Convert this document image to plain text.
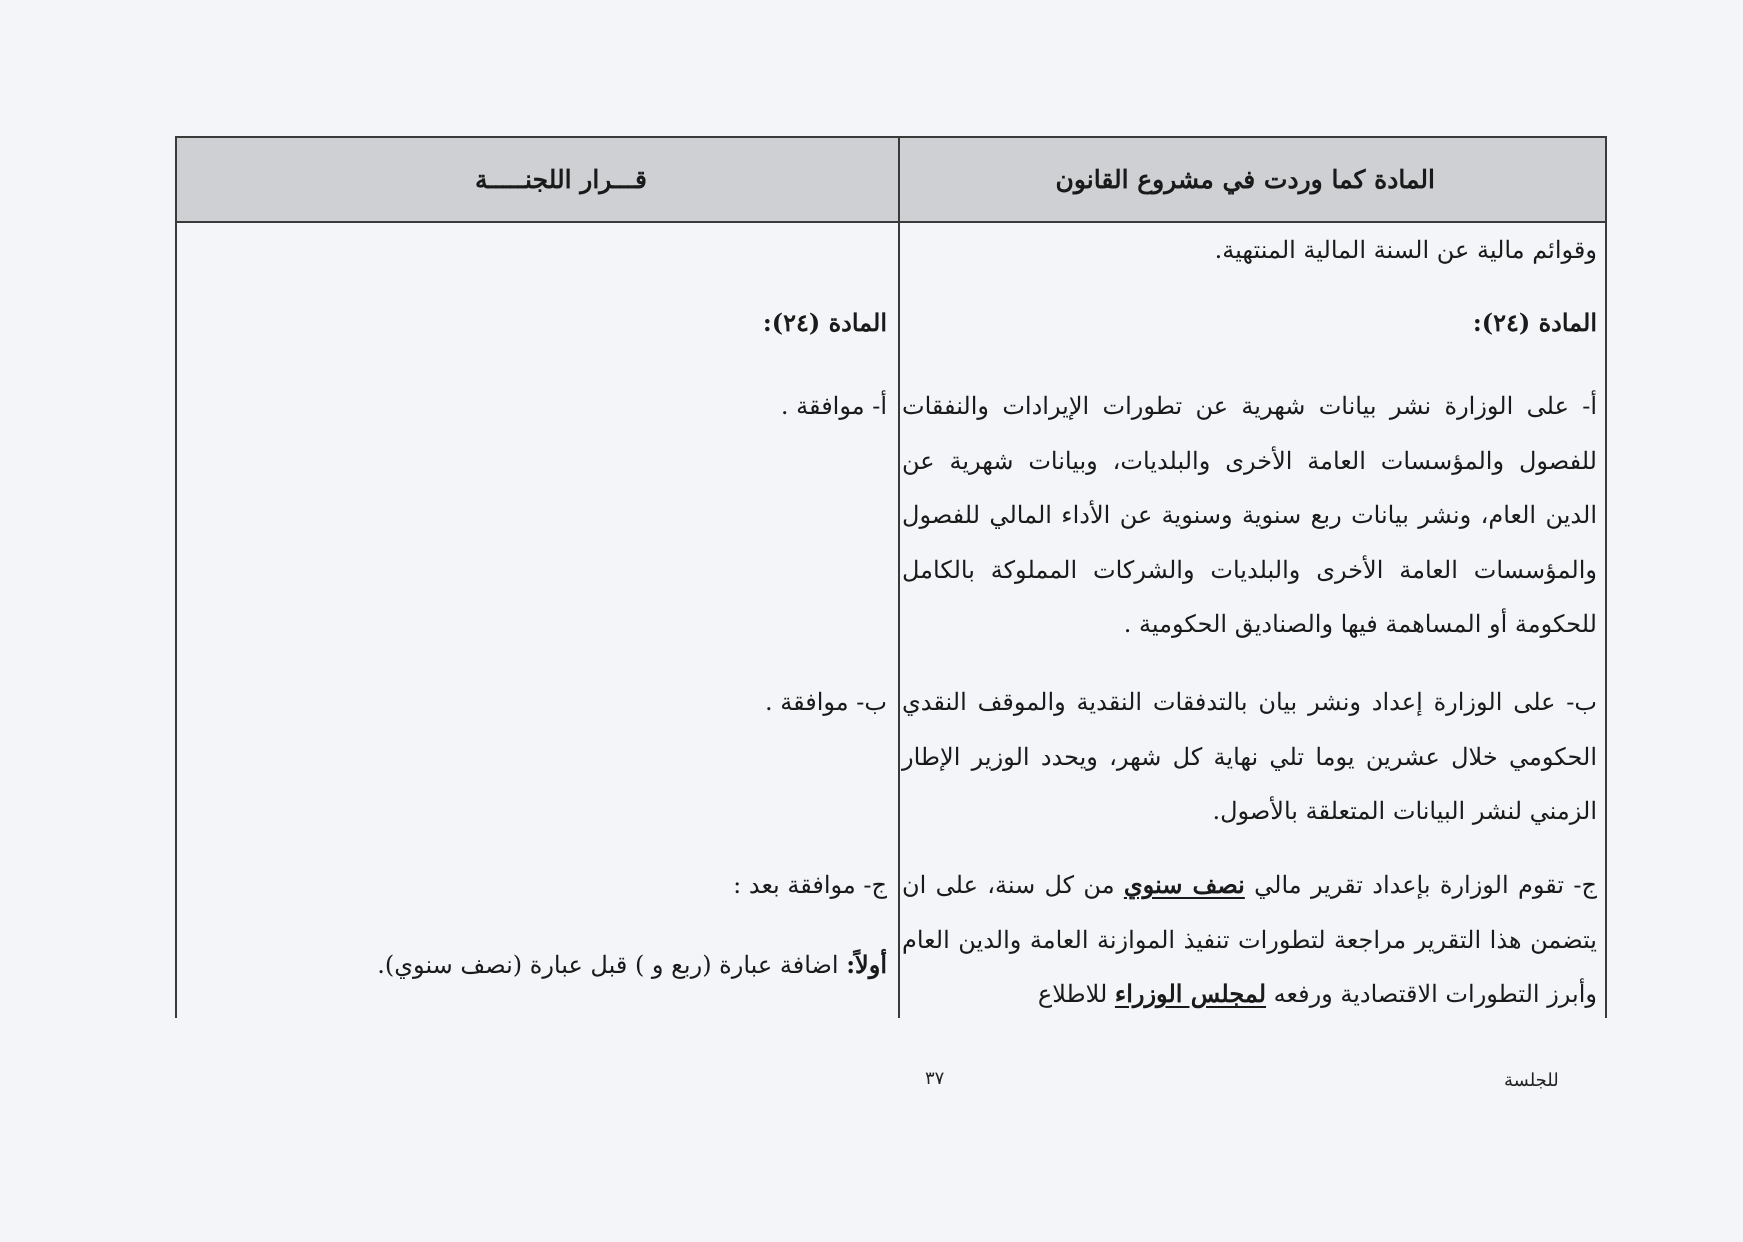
المادة كما وردت في مشروع القانون
قـــرار اللجنـــــة
وقوائم مالية عن السنة المالية المنتهية.
المادة (٢٤):
أ- على الوزارة نشر بيانات شهرية عن تطورات الإيرادات والنفقات للفصول والمؤسسات العامة الأخرى والبلديات، وبيانات شهرية عن الدين العام، ونشر بيانات ربع سنوية وسنوية عن الأداء المالي للفصول والمؤسسات العامة الأخرى والبلديات والشركات المملوكة بالكامل للحكومة أو المساهمة فيها والصناديق الحكومية .
ب- على الوزارة إعداد ونشر بيان بالتدفقات النقدية والموقف النقدي الحكومي خلال عشرين يوما تلي نهاية كل شهر، ويحدد الوزير الإطار الزمني لنشر البيانات المتعلقة بالأصول.
ج- تقوم الوزارة بإعداد تقرير مالي نصف سنوي من كل سنة، على ان يتضمن هذا التقرير مراجعة لتطورات تنفيذ الموازنة العامة والدين العام وأبرز التطورات الاقتصادية ورفعه لمجلس الوزراء للاطلاع
المادة (٢٤):
أ- موافقة .
ب- موافقة .
ج- موافقة بعد :
أولاً: اضافة عبارة (ربع و ) قبل عبارة (نصف سنوي).
٣٧	للجلسة
